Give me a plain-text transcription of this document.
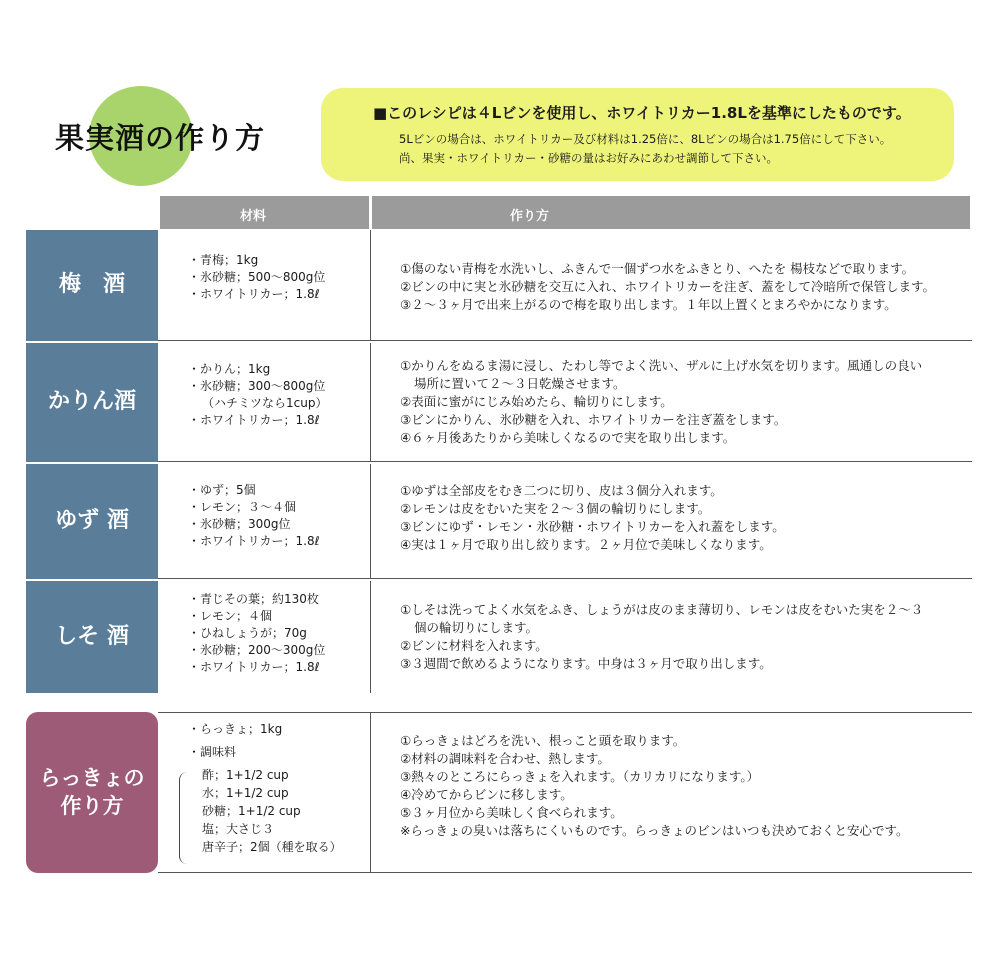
果実酒の作り方
■このレシピは４Lビンを使用し、ホワイトリカー1.8Lを基準にしたものです。
5Lビンの場合は、ホワイトリカー及び材料は1.25倍に、8Lビンの場合は1.75倍にして下さい。
尚、果実・ホワイトリカー・砂糖の量はお好みにあわせ調節して下さい。
材料	作り方
梅　酒
・青梅；1kg
・氷砂糖；500～800g位
・ホワイトリカー；1.8ℓ
①傷のない青梅を水洗いし、ふきんで一個ずつ水をふきとり、へたを 楊枝などで取ります。
②ビンの中に実と氷砂糖を交互に入れ、ホワイトリカーを注ぎ、蓋をして冷暗所で保管します。
③２～３ヶ月で出来上がるので梅を取り出します。１年以上置くとまろやかになります。
かりん酒
・かりん；1kg
・氷砂糖；300～800g位
（ハチミツなら1cup）
・ホワイトリカー；1.8ℓ
①かりんをぬるま湯に浸し、たわし等でよく洗い、ザルに上げ水気を切ります。風通しの良い
場所に置いて２～３日乾燥させます。
②表面に蜜がにじみ始めたら、輪切りにします。
③ビンにかりん、氷砂糖を入れ、ホワイトリカーを注ぎ蓋をします。
④６ヶ月後あたりから美味しくなるので実を取り出します。
ゆず 酒
・ゆず；5個
・レモン；３～４個
・氷砂糖；300g位
・ホワイトリカー；1.8ℓ
①ゆずは全部皮をむき二つに切り、皮は３個分入れます。
②レモンは皮をむいた実を２～３個の輪切りにします。
③ビンにゆず・レモン・氷砂糖・ホワイトリカーを入れ蓋をします。
④実は１ヶ月で取り出し絞ります。２ヶ月位で美味しくなります。
しそ 酒
・青じその葉；約130枚
・レモン；４個
・ひねしょうが；70g
・氷砂糖；200～300g位
・ホワイトリカー；1.8ℓ
①しそは洗ってよく水気をふき、しょうがは皮のまま薄切り、レモンは皮をむいた実を２～３
個の輪切りにします。
②ビンに材料を入れます。
③３週間で飲めるようになります。中身は３ヶ月で取り出します。
らっきょの
作り方
・らっきょ；1kg
・調味料
酢；1+1/2 cup
水；1+1/2 cup
砂糖；1+1/2 cup
塩；大さじ３
唐辛子；2個（種を取る）
①らっきょはどろを洗い、根っこと頭を取ります。
②材料の調味料を合わせ、熱します。
③熱々のところにらっきょを入れます。（カリカリになります。）
④冷めてからビンに移します。
⑤３ヶ月位から美味しく食べられます。
※らっきょの臭いは落ちにくいものです。らっきょのビンはいつも決めておくと安心です。
